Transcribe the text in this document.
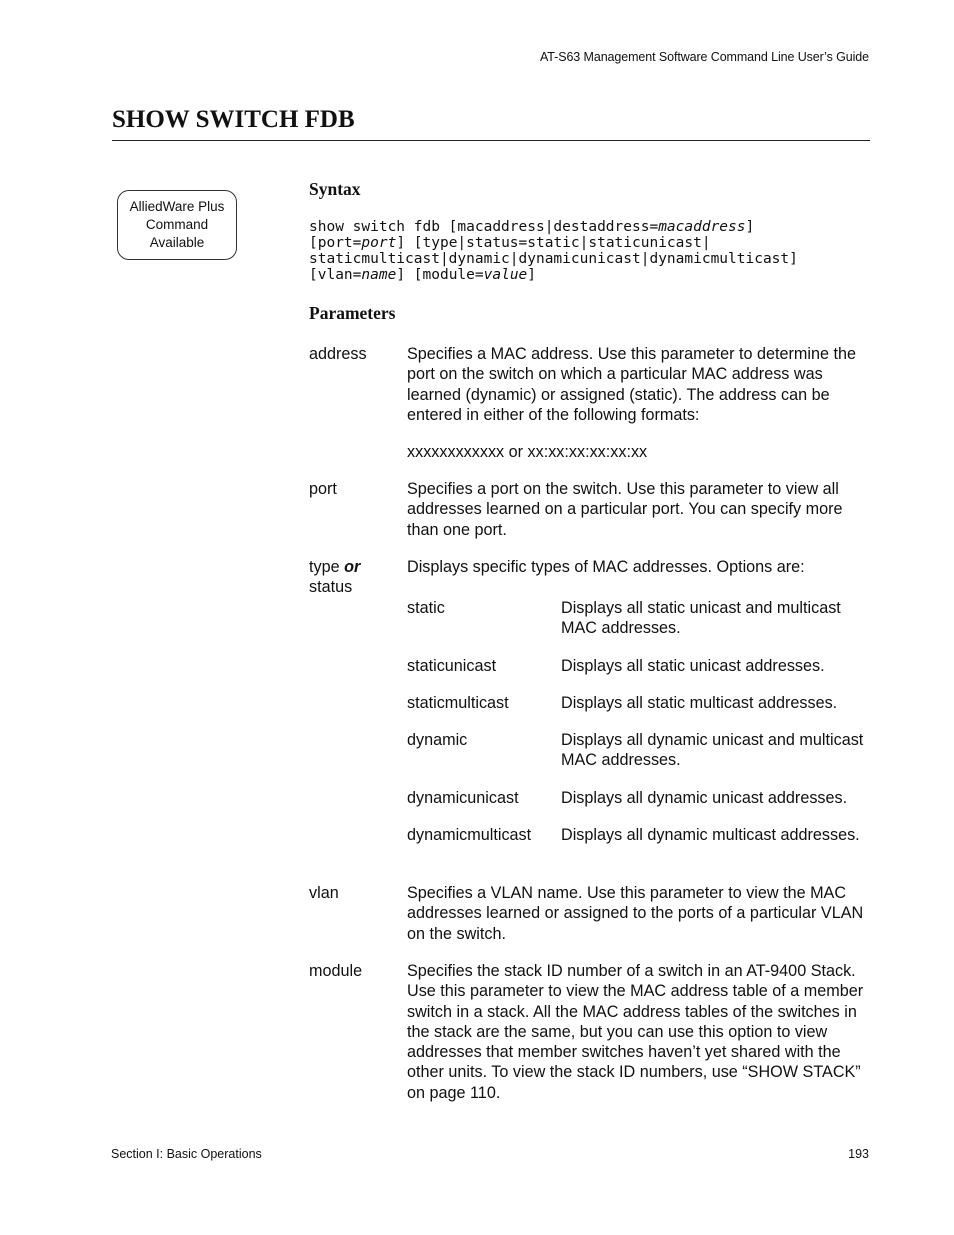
AT-S63 Management Software Command Line User’s Guide
SHOW SWITCH FDB
AlliedWare Plus
Command
Available
Syntax
show switch fdb [macaddress|destaddress=macaddress]
[port=port] [type|status=static|staticunicast|
staticmulticast|dynamic|dynamicunicast|dynamicmulticast]
[vlan=name] [module=value]
Parameters
address Specifies a MAC address. Use this parameter to determine the port on the switch on which a particular MAC address was learned (dynamic) or assigned (static). The address can be entered in either of the following formats:
xxxxxxxxxxxx or xx:xx:xx:xx:xx:xx
port	Specifies a port on the switch. Use this parameter to view all addresses learned on a particular port. You can specify more than one port.
type or
status
Displays specific types of MAC addresses. Options are:
static	Displays all static unicast and multicast MAC addresses.
staticunicast	Displays all static unicast addresses.
staticmulticast	Displays all static multicast addresses.
dynamic	Displays all dynamic unicast and multicast MAC addresses.
dynamicunicast	Displays all dynamic unicast addresses.
dynamicmulticast Displays all dynamic multicast addresses.
vlan	Specifies a VLAN name. Use this parameter to view the MAC addresses learned or assigned to the ports of a particular VLAN on the switch.
module	Specifies the stack ID number of a switch in an AT-9400 Stack. Use this parameter to view the MAC address table of a member switch in a stack. All the MAC address tables of the switches in the stack are the same, but you can use this option to view addresses that member switches haven’t yet shared with the other units. To view the stack ID numbers, use “SHOW STACK” on page 110.
Section I: Basic Operations	193
